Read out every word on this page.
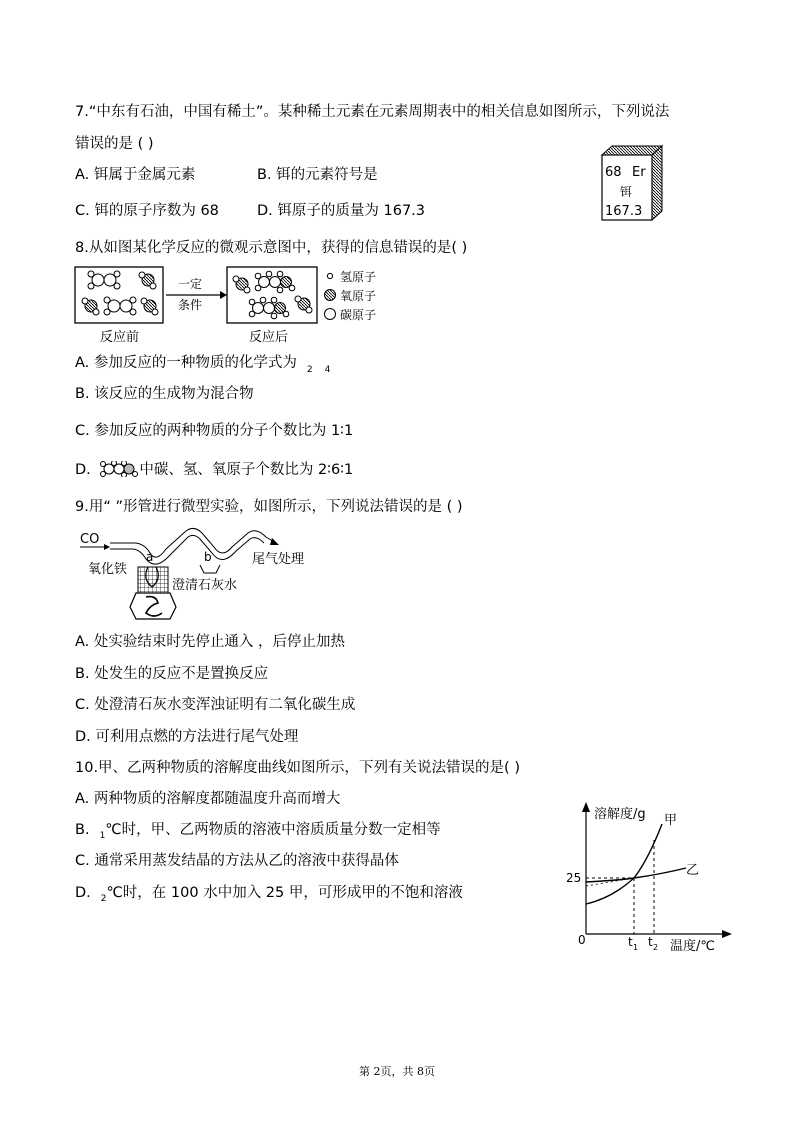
7.“中东有石油，中国有稀土”。某种稀土元素在元素周期表中的相关信息如图所示，下列说法
错误的是 ( )
A. 铒属于金属元素	B. 铒的元素符号是
C. 铒的原子序数为 68	D. 铒原子的质量为 167.3
68 Er
铒
167.3
8.从如图某化学反应的微观示意图中，获得的信息错误的是( )
反应前
一定
条件
反应后
氢原子
氧原子
碳原子
A. 参加反应的一种物质的化学式为 $_2$ $_4$
B. 该反应的生成物为混合物
C. 参加反应的两种物质的分子个数比为 1∶1
D.	中碳、氢、氧原子个数比为 2∶6∶1
9.用“ ”形管进行微型实验，如图所示，下列说法错误的是 ( )
CO
a	b	尾气处理
氧化铁
澄清石灰水
A. 处实验结束时先停止通入 ，后停止加热
B. 处发生的反应不是置换反应
C. 处澄清石灰水变浑浊证明有二氧化碳生成
D. 可利用点燃的方法进行尾气处理
10.甲、乙两种物质的溶解度曲线如图所示，下列有关说法错误的是( )
A. 两种物质的溶解度都随温度升高而增大
B. $_1$℃时，甲、乙两物质的溶液中溶质质量分数一定相等
C. 通常采用蒸发结晶的方法从乙的溶液中获得晶体
D. $_2$℃时，在 100 水中加入 25 甲，可形成甲的不饱和溶液
溶解度/g
温度/℃
0
25
甲
乙
t 1 t 2
第 2页，共 8页
